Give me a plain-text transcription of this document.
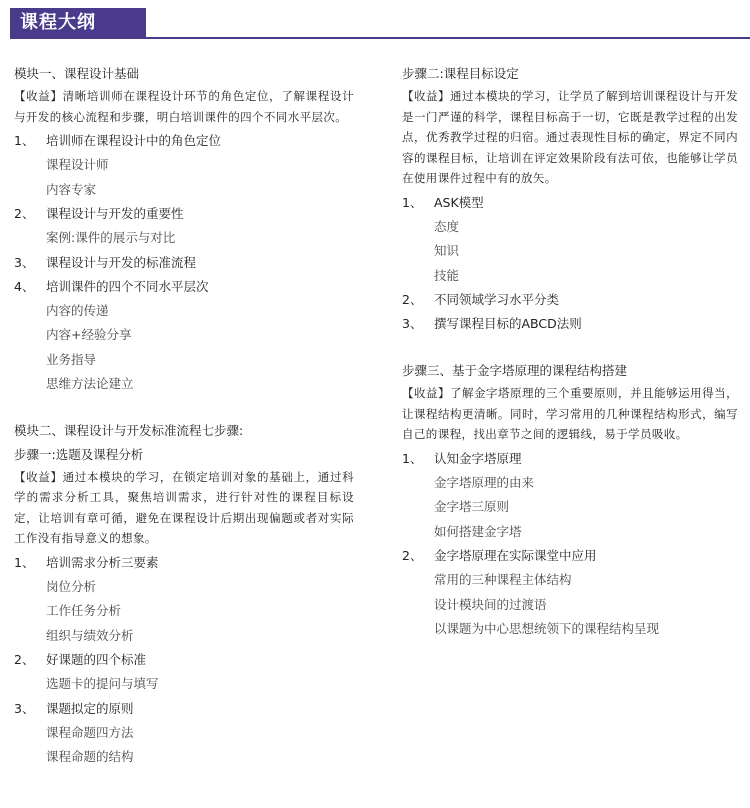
课程大纲
模块一、课程设计基础
【收益】清晰培训师在课程设计环节的角色定位，了解课程设计与开发的核心流程和步骤，明白培训课件的四个不同水平层次。
1、 培训师在课程设计中的角色定位
课程设计师
内容专家
2、 课程设计与开发的重要性
案例:课件的展示与对比
3、 课程设计与开发的标准流程
4、 培训课件的四个不同水平层次
内容的传递
内容+经验分享
业务指导
思维方法论建立
模块二、课程设计与开发标准流程七步骤:
步骤一:选题及课程分析
【收益】通过本模块的学习，在锁定培训对象的基础上，通过科学的需求分析工具，聚焦培训需求，进行针对性的课程目标设定，让培训有章可循，避免在课程设计后期出现偏题或者对实际工作没有指导意义的想象。
1、 培训需求分析三要素
岗位分析
工作任务分析
组织与绩效分析
2、 好课题的四个标准
选题卡的提问与填写
3、 课题拟定的原则
课程命题四方法
课程命题的结构
步骤二:课程目标设定
【收益】通过本模块的学习，让学员了解到培训课程设计与开发是一门严谨的科学，课程目标高于一切，它既是教学过程的出发点，优秀教学过程的归宿。通过表现性目标的确定，界定不同内容的课程目标，让培训在评定效果阶段有法可依，也能够让学员在使用课件过程中有的放矢。
1、 ASK模型
态度
知识
技能
2、 不同领域学习水平分类
3、 撰写课程目标的ABCD法则
步骤三、基于金字塔原理的课程结构搭建
【收益】了解金字塔原理的三个重要原则，并且能够运用得当，让课程结构更清晰。同时，学习常用的几种课程结构形式，编写自己的课程，找出章节之间的逻辑线，易于学员吸收。
1、 认知金字塔原理
金字塔原理的由来
金字塔三原则
如何搭建金字塔
2、 金字塔原理在实际课堂中应用
常用的三种课程主体结构
设计模块间的过渡语
以课题为中心思想统领下的课程结构呈现
